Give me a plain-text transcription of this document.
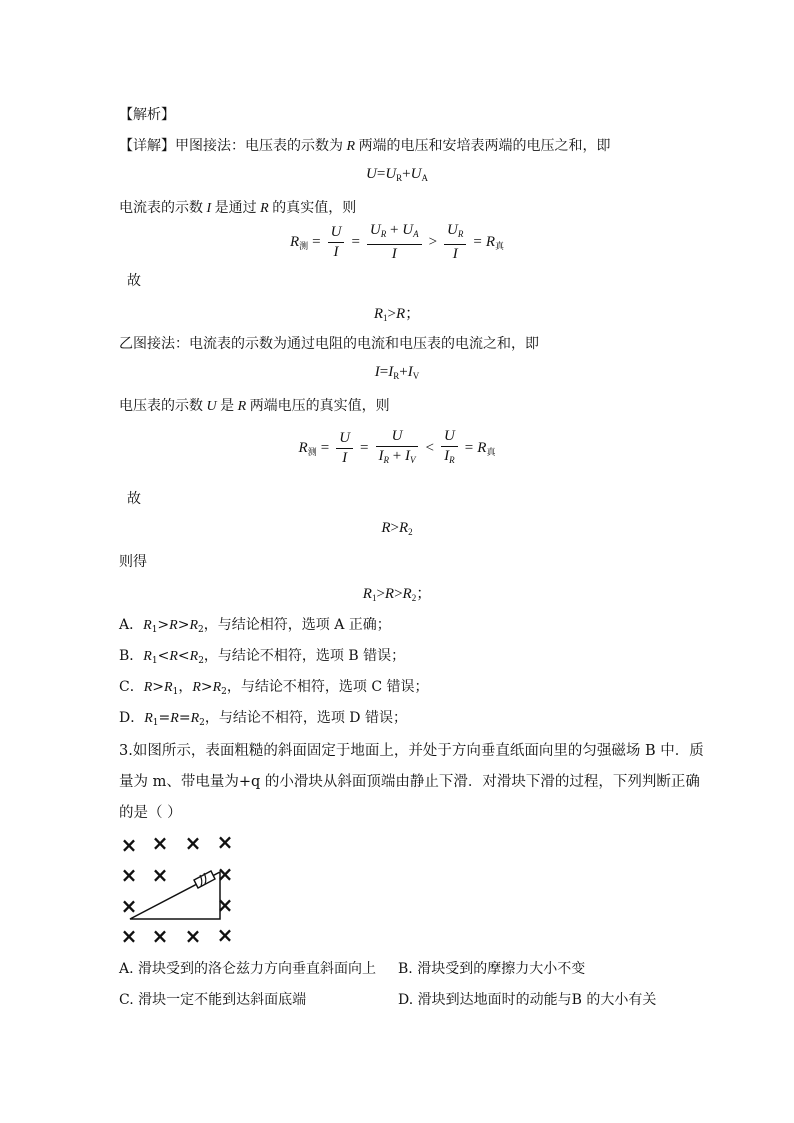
【解析】
【详解】甲图接法：电压表的示数为 R 两端的电压和安培表两端的电压之和，即
$U=U_R+U_A$
电流表的示数 I 是通过 R 的真实值，则
$R_测 = \frac{U}{I} = \frac{U_R + U_A}{I} > \frac{U_R}{I} = R_真$
故
$R_1>R$；
乙图接法：电流表的示数为通过电阻的电流和电压表的电流之和，即
$I=I_R+I_V$
电压表的示数 U 是 R 两端电压的真实值，则
$R_测 = \frac{U}{I} = \frac{U}{I_R + I_V} < \frac{U}{I_R} = R_真$
故
$R>R_2$
则得
$R_1>R>R_2$；
A．$R_1>R>R_2$，与结论相符，选项 A 正确；
B．$R_1<R<R_2$，与结论不相符，选项 B 错误；
C．$R>R_1$，$R>R_2$，与结论不相符，选项 C 错误；
D．$R_1=R=R_2$，与结论不相符，选项 D 错误；
3.如图所示，表面粗糙的斜面固定于地面上，并处于方向垂直纸面向里的匀强磁场 B 中．质
量为 m、带电量为+q 的小滑块从斜面顶端由静止下滑．对滑块下滑的过程，下列判断正确
的是（ ）
× × × ×
× × ×
×	×
× × × ×
A. 滑块受到的洛仑兹力方向垂直斜面向上 B. 滑块受到的摩擦力大小不变
C. 滑块一定不能到达斜面底端	D. 滑块到达地面时的动能与B 的大小有关
